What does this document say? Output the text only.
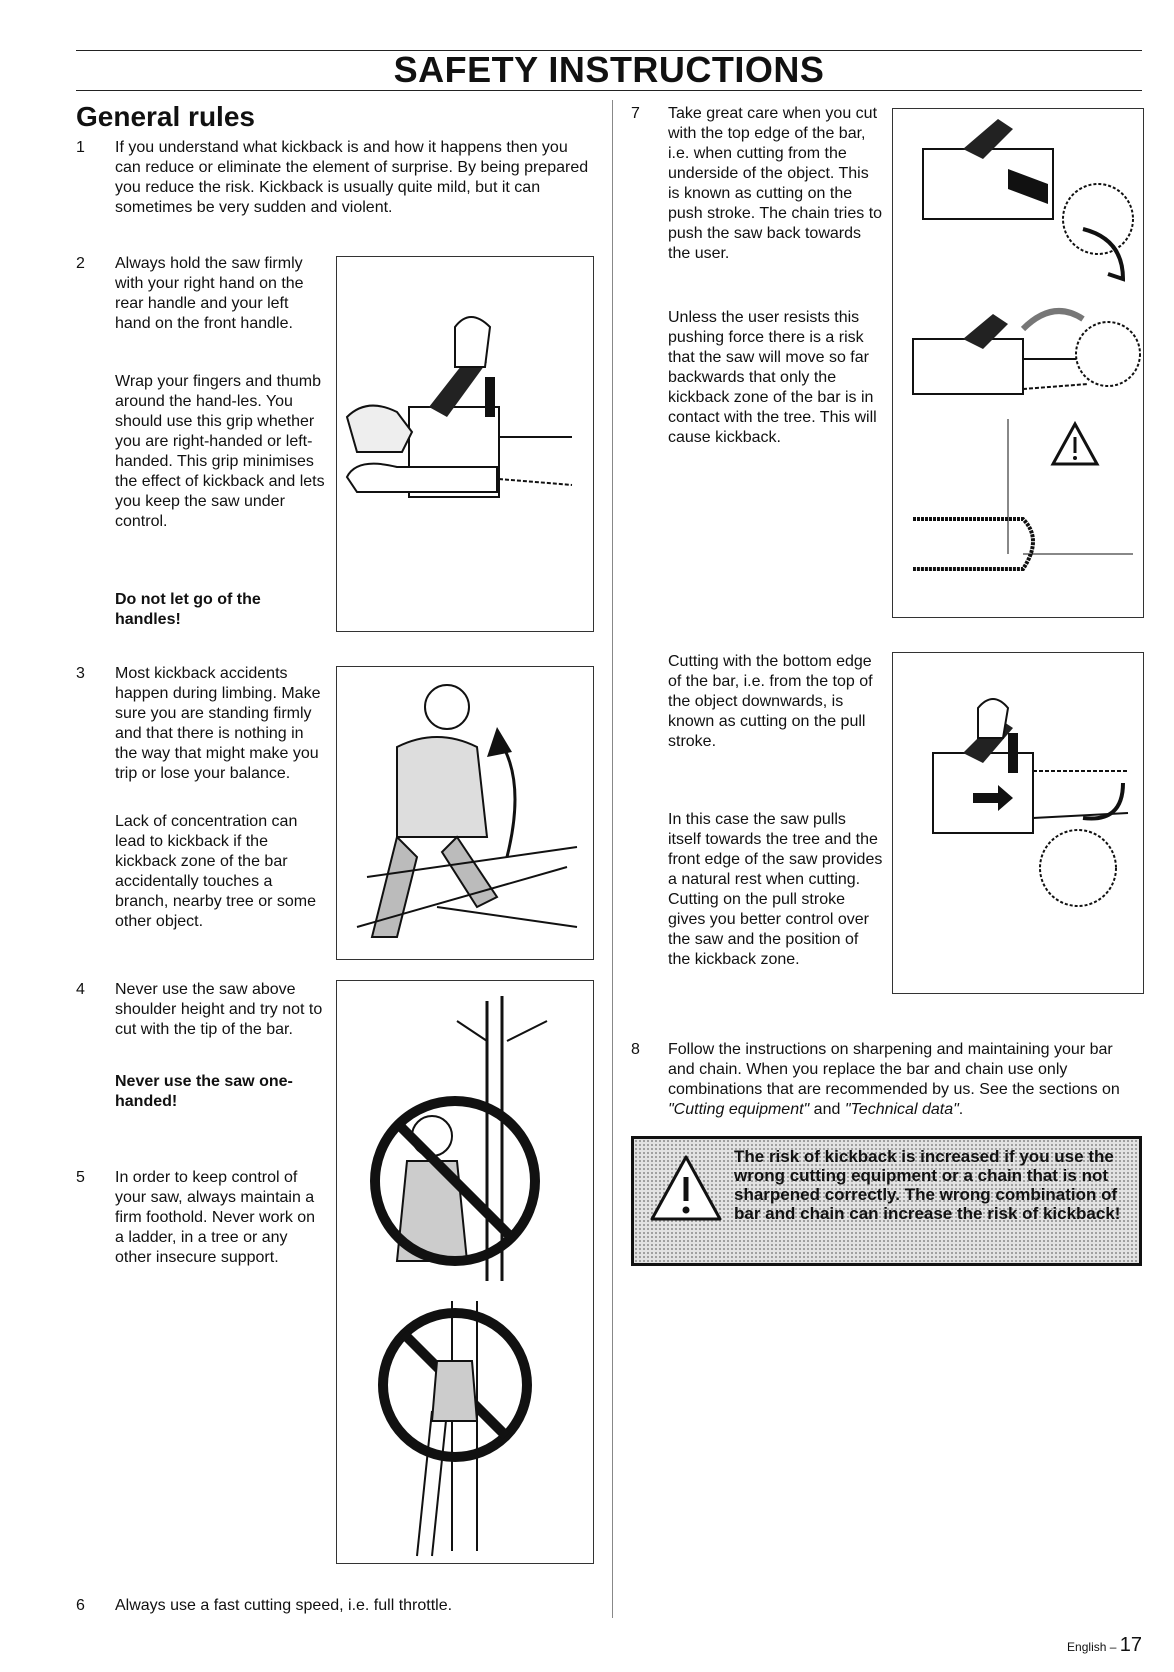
SAFETY INSTRUCTIONS
General rules
1 If you understand what kickback is and how it happens then you can reduce or eliminate the element of surprise. By being prepared you reduce the risk. Kickback is usually quite mild, but it can sometimes be very sudden and violent.
2 Always hold the saw firmly with your right hand on the rear handle and your left hand on the front handle.
Wrap your fingers and thumb around the hand-les. You should use this grip whether you are right-handed or left-handed. This grip minimises the effect of kickback and lets you keep the saw under control.
Do not let go of the handles!
3 Most kickback accidents happen during limbing. Make sure you are standing firmly and that there is nothing in the way that might make you trip or lose your balance.
Lack of concentration can lead to kickback if the kickback zone of the bar accidentally touches a branch, nearby tree or some other object.
4 Never use the saw above shoulder height and try not to cut with the tip of the bar.
Never use the saw one-handed!
5 In order to keep control of your saw, always maintain a firm foothold. Never work on a ladder, in a tree or any other insecure support.
6 Always use a fast cutting speed, i.e. full throttle.
7 Take great care when you cut with the top edge of the bar, i.e. when cutting from the underside of the object. This is known as cutting on the push stroke. The chain tries to push the saw back towards the user.
Unless the user resists this pushing force there is a risk that the saw will move so far backwards that only the kickback zone of the bar is in contact with the tree. This will cause kickback.
Cutting with the bottom edge of the bar, i.e. from the top of the object downwards, is known as cutting on the pull stroke.
In this case the saw pulls itself towards the tree and the front edge of the saw provides a natural rest when cutting. Cutting on the pull stroke gives you better control over the saw and the position of the kickback zone.
8 Follow the instructions on sharpening and maintaining your bar and chain. When you replace the bar and chain use only combinations that are recommended by us. See the sections on "Cutting equipment" and "Technical data".
The risk of kickback is increased if you use the wrong cutting equipment or a chain that is not sharpened correctly. The wrong combination of bar and chain can increase the risk of kickback!
English – 17
